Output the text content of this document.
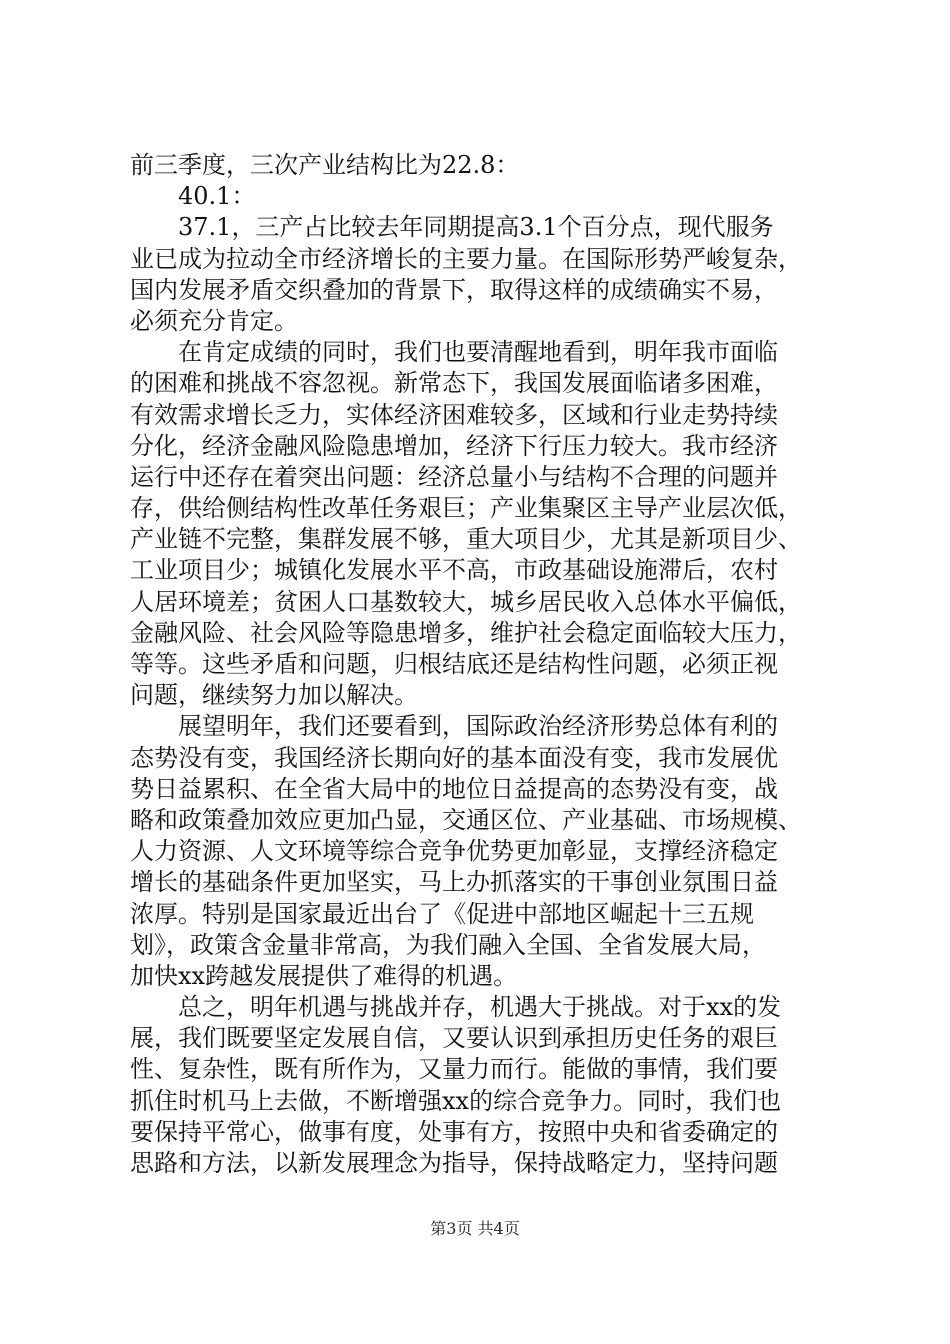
前三季度，三次产业结构比为22.8：
40.1：
37.1，三产占比较去年同期提高3.1个百分点，现代服务
业已成为拉动全市经济增长的主要力量。在国际形势严峻复杂，
国内发展矛盾交织叠加的背景下，取得这样的成绩确实不易，
必须充分肯定。
在肯定成绩的同时，我们也要清醒地看到，明年我市面临
的困难和挑战不容忽视。新常态下，我国发展面临诸多困难，
有效需求增长乏力，实体经济困难较多，区域和行业走势持续
分化，经济金融风险隐患增加，经济下行压力较大。我市经济
运行中还存在着突出问题：经济总量小与结构不合理的问题并
存，供给侧结构性改革任务艰巨；产业集聚区主导产业层次低，
产业链不完整，集群发展不够，重大项目少，尤其是新项目少、
工业项目少；城镇化发展水平不高，市政基础设施滞后，农村
人居环境差；贫困人口基数较大，城乡居民收入总体水平偏低，
金融风险、社会风险等隐患增多，维护社会稳定面临较大压力，
等等。这些矛盾和问题，归根结底还是结构性问题，必须正视
问题，继续努力加以解决。
展望明年，我们还要看到，国际政治经济形势总体有利的
态势没有变，我国经济长期向好的基本面没有变，我市发展优
势日益累积、在全省大局中的地位日益提高的态势没有变，战
略和政策叠加效应更加凸显，交通区位、产业基础、市场规模、
人力资源、人文环境等综合竞争优势更加彰显，支撑经济稳定
增长的基础条件更加坚实，马上办抓落实的干事创业氛围日益
浓厚。特别是国家最近出台了《促进中部地区崛起十三五规
划》，政策含金量非常高，为我们融入全国、全省发展大局，
加快xx跨越发展提供了难得的机遇。
总之，明年机遇与挑战并存，机遇大于挑战。对于xx的发
展，我们既要坚定发展自信，又要认识到承担历史任务的艰巨
性、复杂性，既有所作为，又量力而行。能做的事情，我们要
抓住时机马上去做，不断增强xx的综合竞争力。同时，我们也
要保持平常心，做事有度，处事有方，按照中央和省委确定的
思路和方法，以新发展理念为指导，保持战略定力，坚持问题
第3页 共4页
